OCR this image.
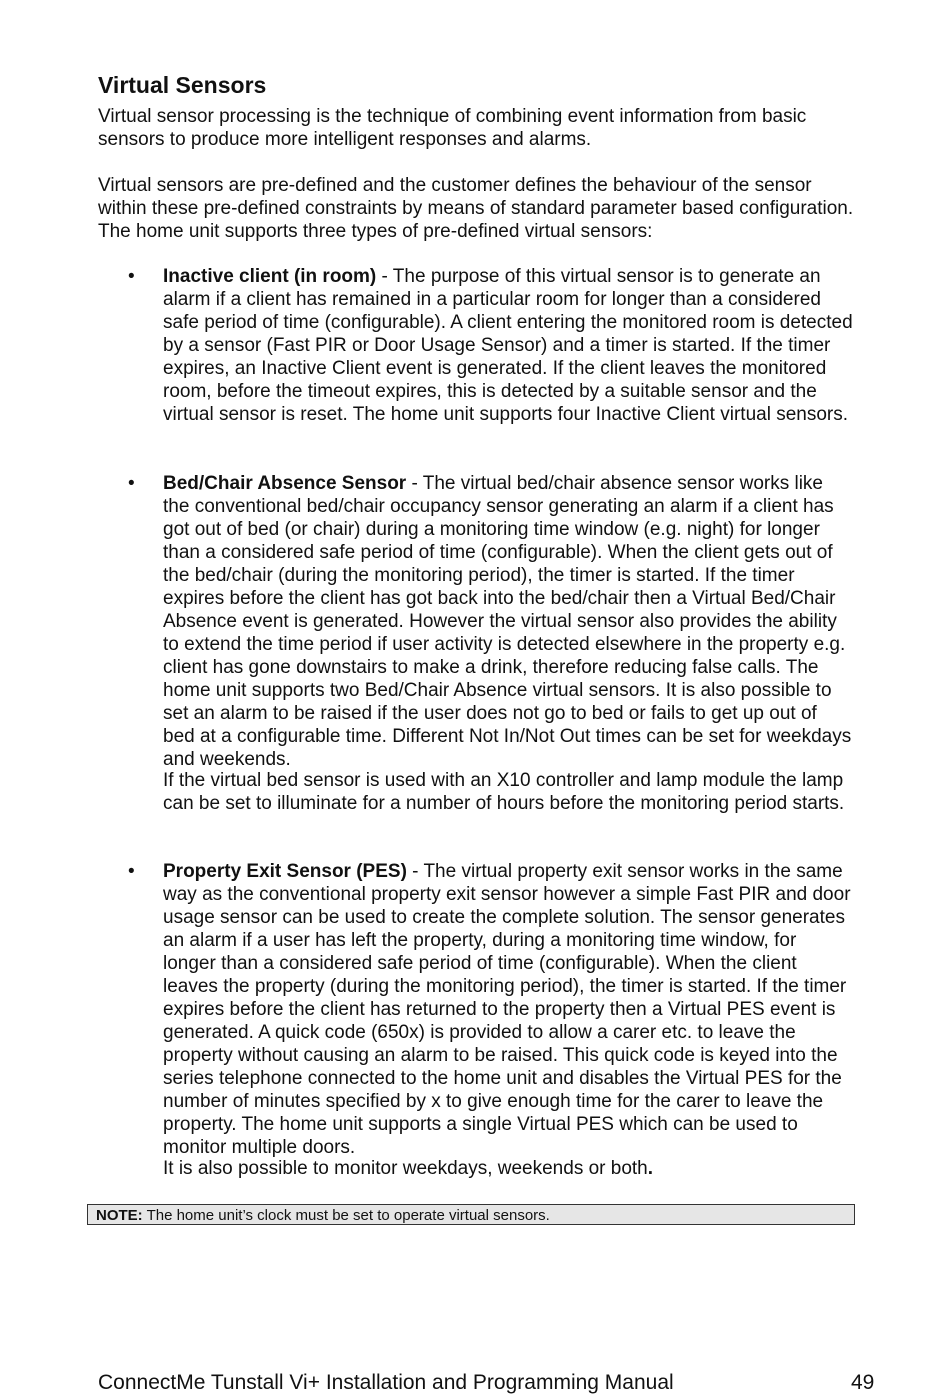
Virtual Sensors

Virtual sensor processing is the technique of combining event information from basic sensors to produce more intelligent responses and alarms.

Virtual sensors are pre-defined and the customer defines the behaviour of the sensor within these pre-defined constraints by means of standard parameter based configuration. The home unit supports three types of pre-defined virtual sensors:

• Inactive client (in room) - The purpose of this virtual sensor is to generate an alarm if a client has remained in a particular room for longer than a considered safe period of time (configurable). A client entering the monitored room is detected by a sensor (Fast PIR or Door Usage Sensor) and a timer is started. If the timer expires, an Inactive Client event is generated. If the client leaves the monitored room, before the timeout expires, this is detected by a suitable sensor and the virtual sensor is reset. The home unit supports four Inactive Client virtual sensors.

• Bed/Chair Absence Sensor - The virtual bed/chair absence sensor works like the conventional bed/chair occupancy sensor generating an alarm if a client has got out of bed (or chair) during a monitoring time window (e.g. night) for longer than a considered safe period of time (configurable). When the client gets out of the bed/chair (during the monitoring period), the timer is started. If the timer expires before the client has got back into the bed/chair then a Virtual Bed/Chair Absence event is generated. However the virtual sensor also provides the ability to extend the time period if user activity is detected elsewhere in the property e.g. client has gone downstairs to make a drink, therefore reducing false calls. The home unit supports two Bed/Chair Absence virtual sensors. It is also possible to set an alarm to be raised if the user does not go to bed or fails to get up out of bed at a configurable time. Different Not In/Not Out times can be set for weekdays and weekends.

If the virtual bed sensor is used with an X10 controller and lamp module the lamp can be set to illuminate for a number of hours before the monitoring period starts.

• Property Exit Sensor (PES) - The virtual property exit sensor works in the same way as the conventional property exit sensor however a simple Fast PIR and door usage sensor can be used to create the complete solution. The sensor generates an alarm if a user has left the property, during a monitoring time window, for longer than a considered safe period of time (configurable). When the client leaves the property (during the monitoring period), the timer is started. If the timer expires before the client has returned to the property then a Virtual PES event is generated. A quick code (650x) is provided to allow a carer etc. to leave the property without causing an alarm to be raised. This quick code is keyed into the series telephone connected to the home unit and disables the Virtual PES for the number of minutes specified by x to give enough time for the carer to leave the property. The home unit supports a single Virtual PES which can be used to monitor multiple doors.

It is also possible to monitor weekdays, weekends or both.

NOTE: The home unit’s clock must be set to operate virtual sensors.
ConnectMe Tunstall Vi+ Installation and Programming Manual	49
